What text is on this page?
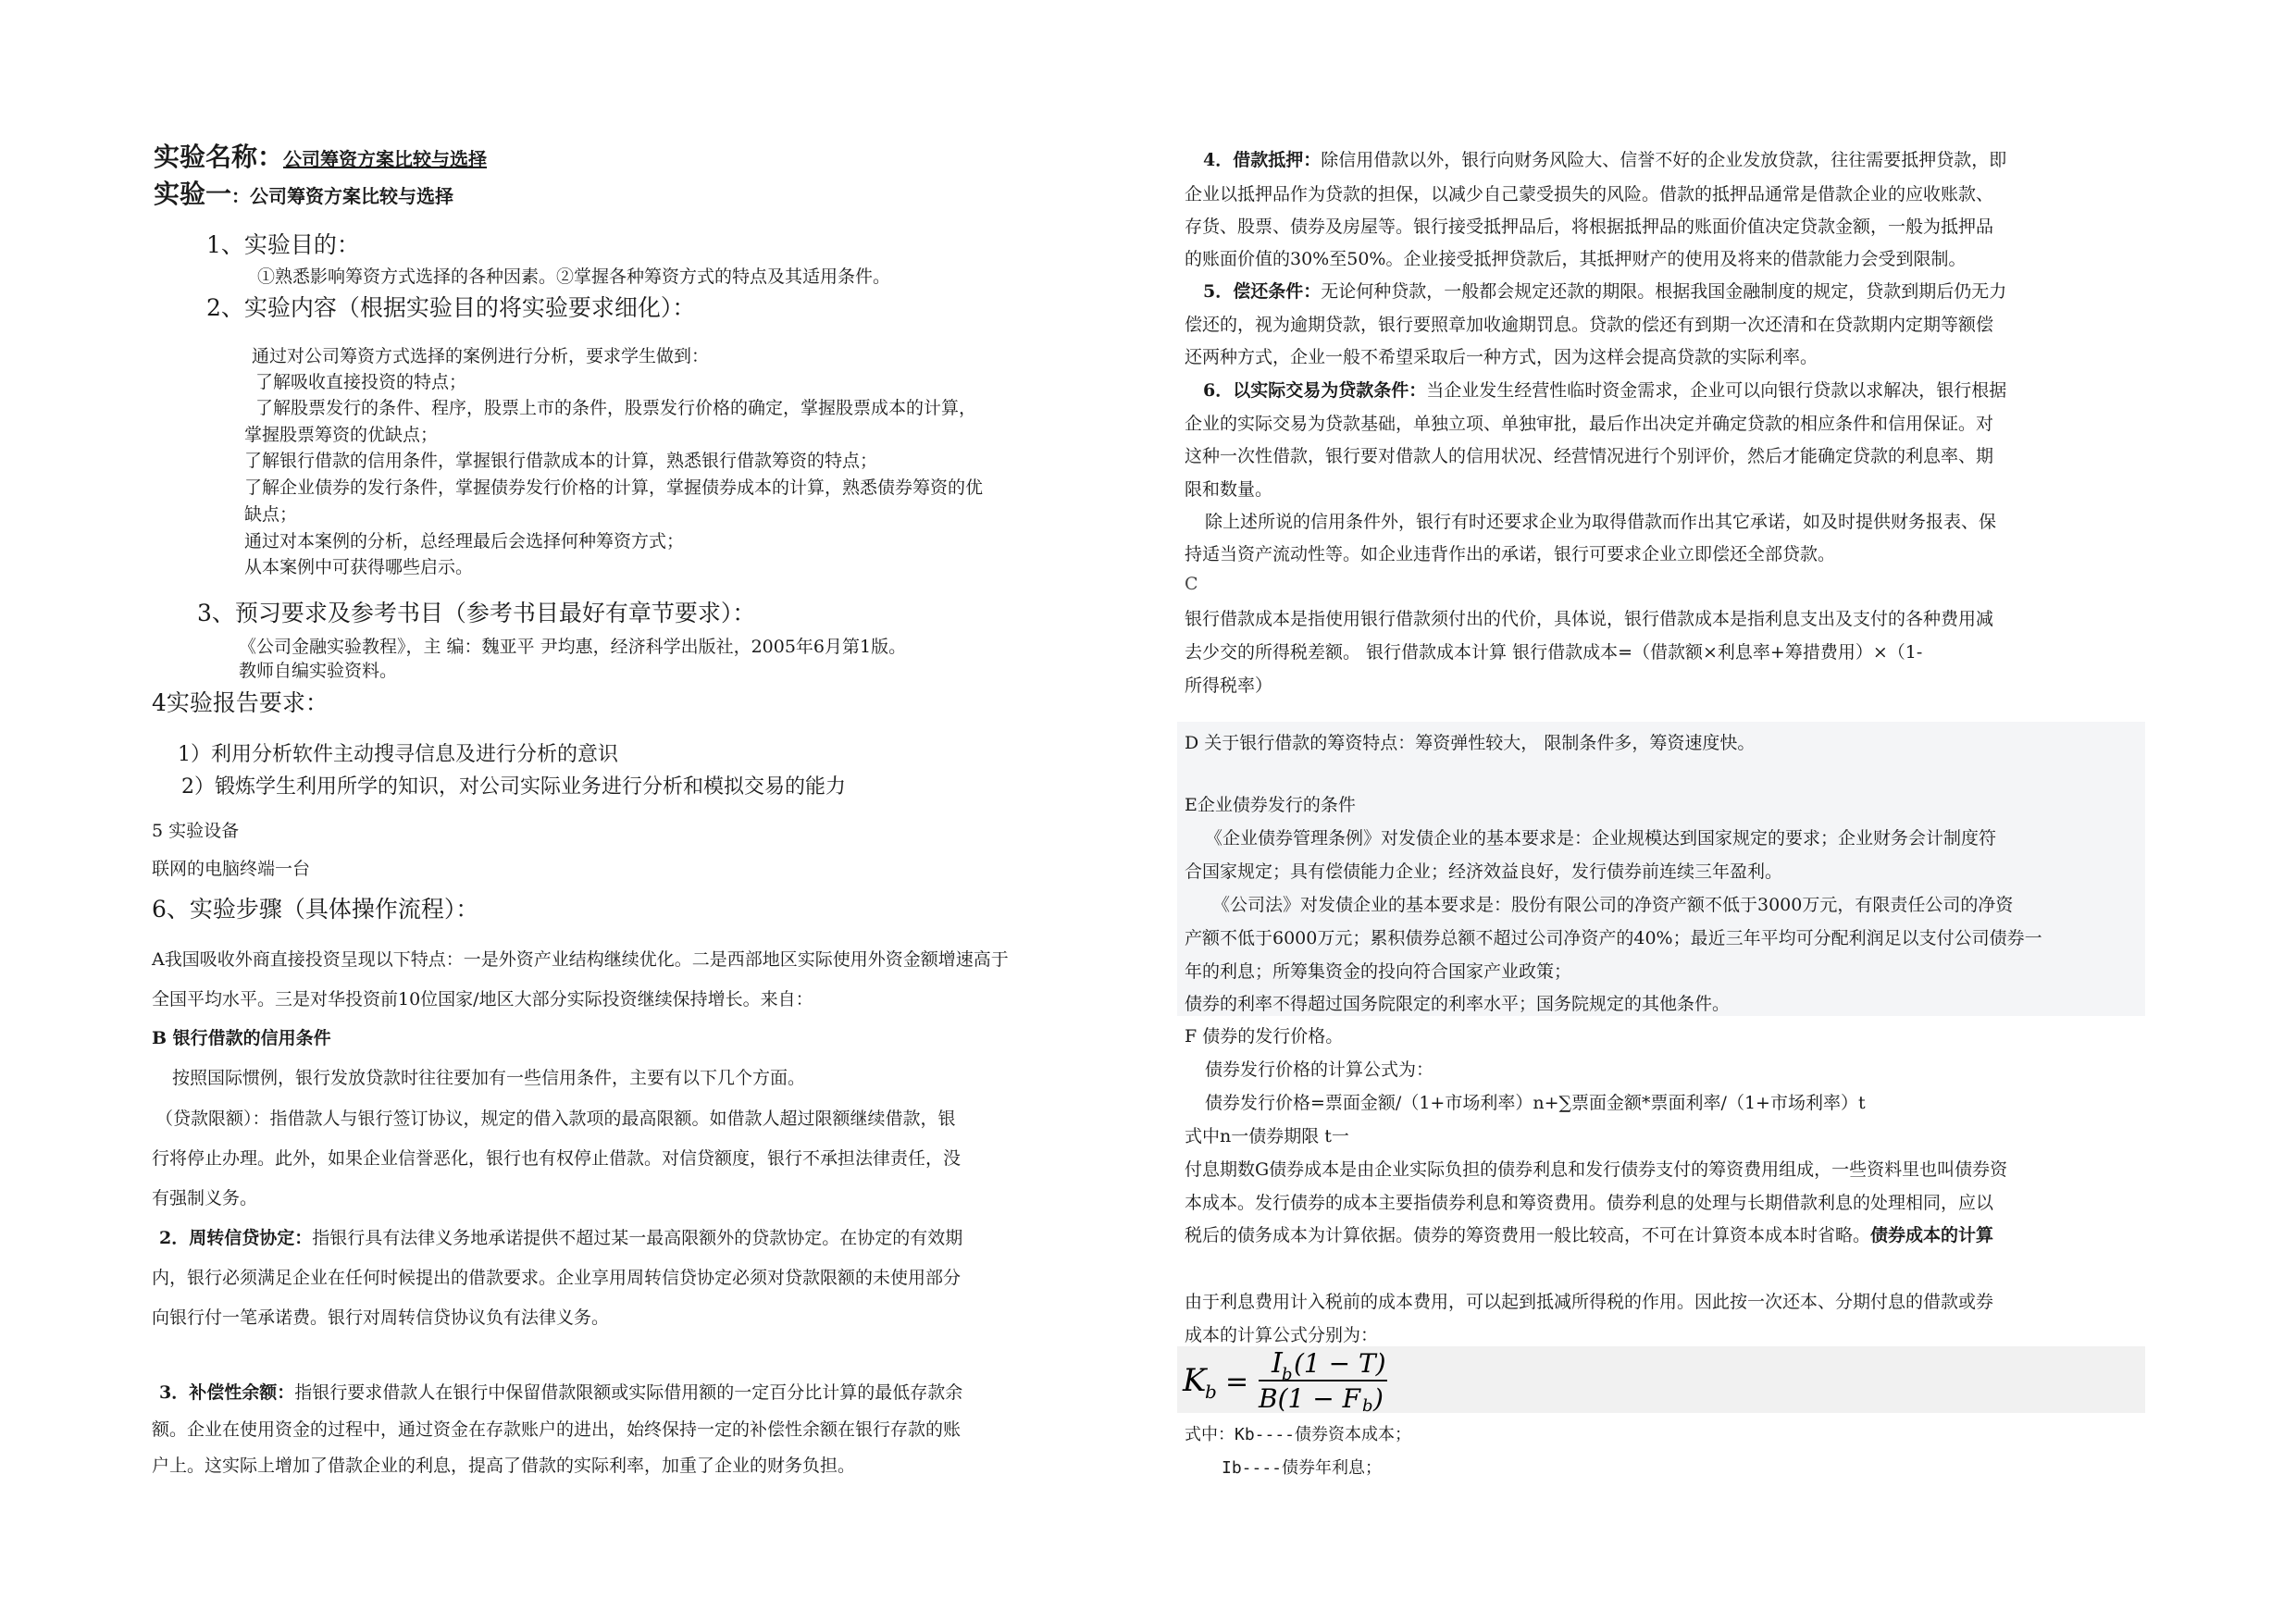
实验名称：公司筹资方案比较与选择
实验一：公司筹资方案比较与选择
1、实验目的：
①熟悉影响筹资方式选择的各种因素。②掌握各种筹资方式的特点及其适用条件。
2、实验内容（根据实验目的将实验要求细化）：
通过对公司筹资方式选择的案例进行分析，要求学生做到：
了解吸收直接投资的特点；
了解股票发行的条件、程序，股票上市的条件，股票发行价格的确定，掌握股票成本的计算，
掌握股票筹资的优缺点；
了解银行借款的信用条件，掌握银行借款成本的计算，熟悉银行借款筹资的特点；
了解企业债券的发行条件，掌握债券发行价格的计算，掌握债券成本的计算，熟悉债券筹资的优
缺点；
通过对本案例的分析，总经理最后会选择何种筹资方式；
从本案例中可获得哪些启示。
3、预习要求及参考书目（参考书目最好有章节要求）：
《公司金融实验教程》，主 编：魏亚平 尹均惠，经济科学出版社，2005年6月第1版。
教师自编实验资料。
4实验报告要求：
1）利用分析软件主动搜寻信息及进行分析的意识
2）锻炼学生利用所学的知识，对公司实际业务进行分析和模拟交易的能力
5 实验设备
联网的电脑终端一台
6、实验步骤（具体操作流程）：
A我国吸收外商直接投资呈现以下特点：一是外资产业结构继续优化。二是西部地区实际使用外资金额增速高于
全国平均水平。三是对华投资前10位国家/地区大部分实际投资继续保持增长。来自：
B 银行借款的信用条件
按照国际惯例，银行发放贷款时往往要加有一些信用条件，主要有以下几个方面。
（贷款限额）：指借款人与银行签订协议，规定的借入款项的最高限额。如借款人超过限额继续借款，银
行将停止办理。此外，如果企业信誉恶化，银行也有权停止借款。对信贷额度，银行不承担法律责任，没
有强制义务。
2．周转信贷协定：指银行具有法律义务地承诺提供不超过某一最高限额外的贷款协定。在协定的有效期
内，银行必须满足企业在任何时候提出的借款要求。企业享用周转信贷协定必须对贷款限额的未使用部分
向银行付一笔承诺费。银行对周转信贷协议负有法律义务。
3．补偿性余额：指银行要求借款人在银行中保留借款限额或实际借用额的一定百分比计算的最低存款余
额。企业在使用资金的过程中，通过资金在存款账户的进出，始终保持一定的补偿性余额在银行存款的账
户上。这实际上增加了借款企业的利息，提高了借款的实际利率，加重了企业的财务负担。
4．借款抵押：除信用借款以外，银行向财务风险大、信誉不好的企业发放贷款，往往需要抵押贷款，即
企业以抵押品作为贷款的担保，以减少自己蒙受损失的风险。借款的抵押品通常是借款企业的应收账款、
存货、股票、债券及房屋等。银行接受抵押品后，将根据抵押品的账面价值决定贷款金额，一般为抵押品
的账面价值的30%至50%。企业接受抵押贷款后，其抵押财产的使用及将来的借款能力会受到限制。
5．偿还条件：无论何种贷款，一般都会规定还款的期限。根据我国金融制度的规定，贷款到期后仍无力
偿还的，视为逾期贷款，银行要照章加收逾期罚息。贷款的偿还有到期一次还清和在贷款期内定期等额偿
还两种方式，企业一般不希望采取后一种方式，因为这样会提高贷款的实际利率。
6．以实际交易为贷款条件：当企业发生经营性临时资金需求，企业可以向银行贷款以求解决，银行根据
企业的实际交易为贷款基础，单独立项、单独审批，最后作出决定并确定贷款的相应条件和信用保证。对
这种一次性借款，银行要对借款人的信用状况、经营情况进行个别评价，然后才能确定贷款的利息率、期
限和数量。
除上述所说的信用条件外，银行有时还要求企业为取得借款而作出其它承诺，如及时提供财务报表、保
持适当资产流动性等。如企业违背作出的承诺，银行可要求企业立即偿还全部贷款。
C
银行借款成本是指使用银行借款须付出的代价，具体说，银行借款成本是指利息支出及支付的各种费用减
去少交的所得税差额。 银行借款成本计算 银行借款成本=（借款额×利息率+筹措费用）×（1-
所得税率）
D 关于银行借款的筹资特点：筹资弹性较大， 限制条件多，筹资速度快。
E企业债券发行的条件
《企业债券管理条例》对发债企业的基本要求是：企业规模达到国家规定的要求；企业财务会计制度符
合国家规定；具有偿债能力企业；经济效益良好，发行债券前连续三年盈利。
《公司法》对发债企业的基本要求是：股份有限公司的净资产额不低于3000万元，有限责任公司的净资
产额不低于6000万元；累积债券总额不超过公司净资产的40%；最近三年平均可分配利润足以支付公司债券一
年的利息；所筹集资金的投向符合国家产业政策；
债券的利率不得超过国务院限定的利率水平；国务院规定的其他条件。
F 债券的发行价格。
债券发行价格的计算公式为：
债券发行价格=票面金额/（1+市场利率）n+∑票面金额*票面利率/（1+市场利率）t
式中n一债券期限 t一
付息期数G债券成本是由企业实际负担的债券利息和发行债券支付的筹资费用组成，一些资料里也叫债券资
本成本。发行债券的成本主要指债券利息和筹资费用。债券利息的处理与长期借款利息的处理相同，应以
税后的债务成本为计算依据。债券的筹资费用一般比较高，不可在计算资本成本时省略。债券成本的计算
由于利息费用计入税前的成本费用，可以起到抵减所得税的作用。因此按一次还本、分期付息的借款或券
成本的计算公式分别为：
K
b =
I b (1 − T)
B(1 − F b )
式中：Kb----债券资本成本；
Ib----债券年利息；
